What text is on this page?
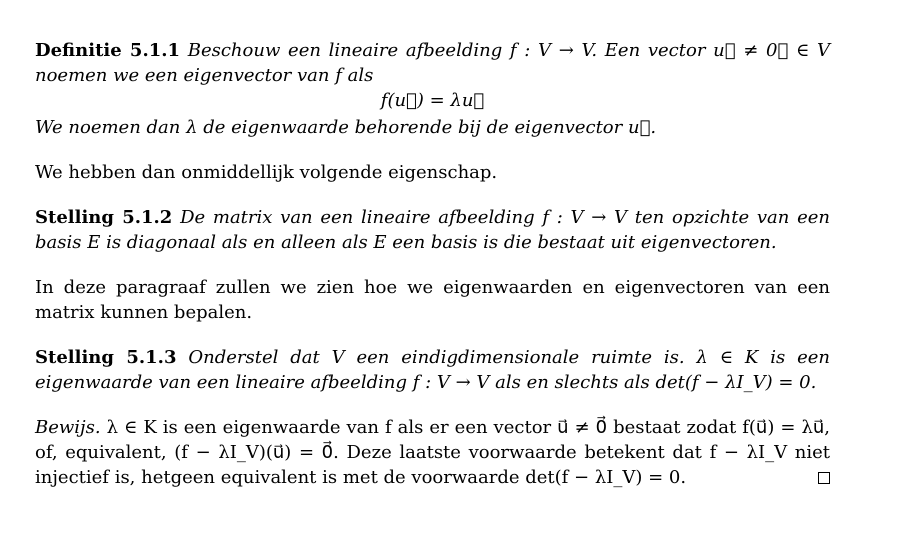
Definitie 5.1.1 Beschouw een lineaire afbeelding f : V → V. Een vector u⃗ ≠ 0⃗ ∈ V noemen we een eigenvector van f als

f(u⃗) = λu⃗

We noemen dan λ de eigenwaarde behorende bij de eigenvector u⃗.

We hebben dan onmiddellijk volgende eigenschap.

Stelling 5.1.2 De matrix van een lineaire afbeelding f : V → V ten opzichte van een basis E is diagonaal als en alleen als E een basis is die bestaat uit eigenvectoren.

In deze paragraaf zullen we zien hoe we eigenwaarden en eigenvectoren van een matrix kunnen bepalen.

Stelling 5.1.3 Onderstel dat V een eindigdimensionale ruimte is. λ ∈ K is een eigenwaarde van een lineaire afbeelding f : V → V als en slechts als det(f − λI_V) = 0.

Bewijs. λ ∈ K is een eigenwaarde van f als er een vector u⃗ ≠ 0⃗ bestaat zodat f(u⃗) = λu⃗, of, equivalent, (f − λI_V)(u⃗) = 0⃗. Deze laatste voorwaarde betekent dat f − λI_V niet injectief is, hetgeen equivalent is met de voorwaarde det(f − λI_V) = 0.
